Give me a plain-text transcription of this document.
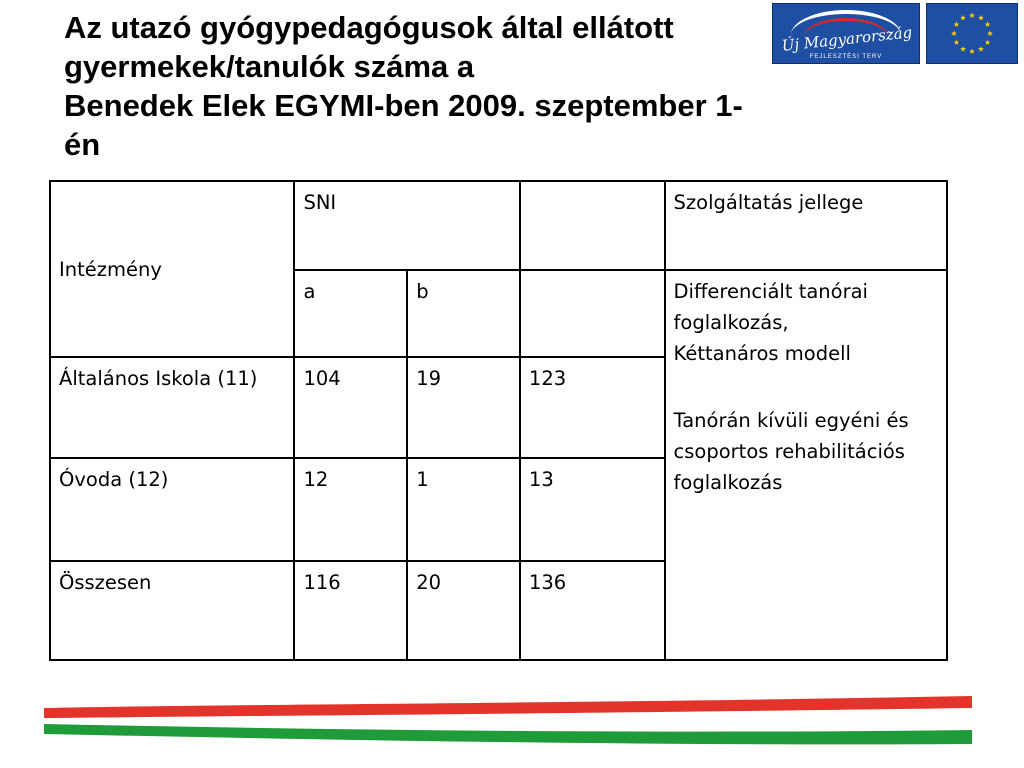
Az utazó gyógypedagógusok által ellátott
gyermekek/tanulók száma a
Benedek Elek EGYMI-ben 2009. szeptember 1-
én
Új Magyarország
FEJLESZTÉSI TERV
Intézmény	SNI			Szolgáltatás jellege
	a	b		Differenciált tanórai foglalkozás,
Kéttanáros modell
Tanórán kívüli egyéni és csoportos rehabilitációs foglalkozás

Általános Iskola (11)	104	19	123	
Óvoda (12)	12	1	13	
Összesen	116	20	136	
